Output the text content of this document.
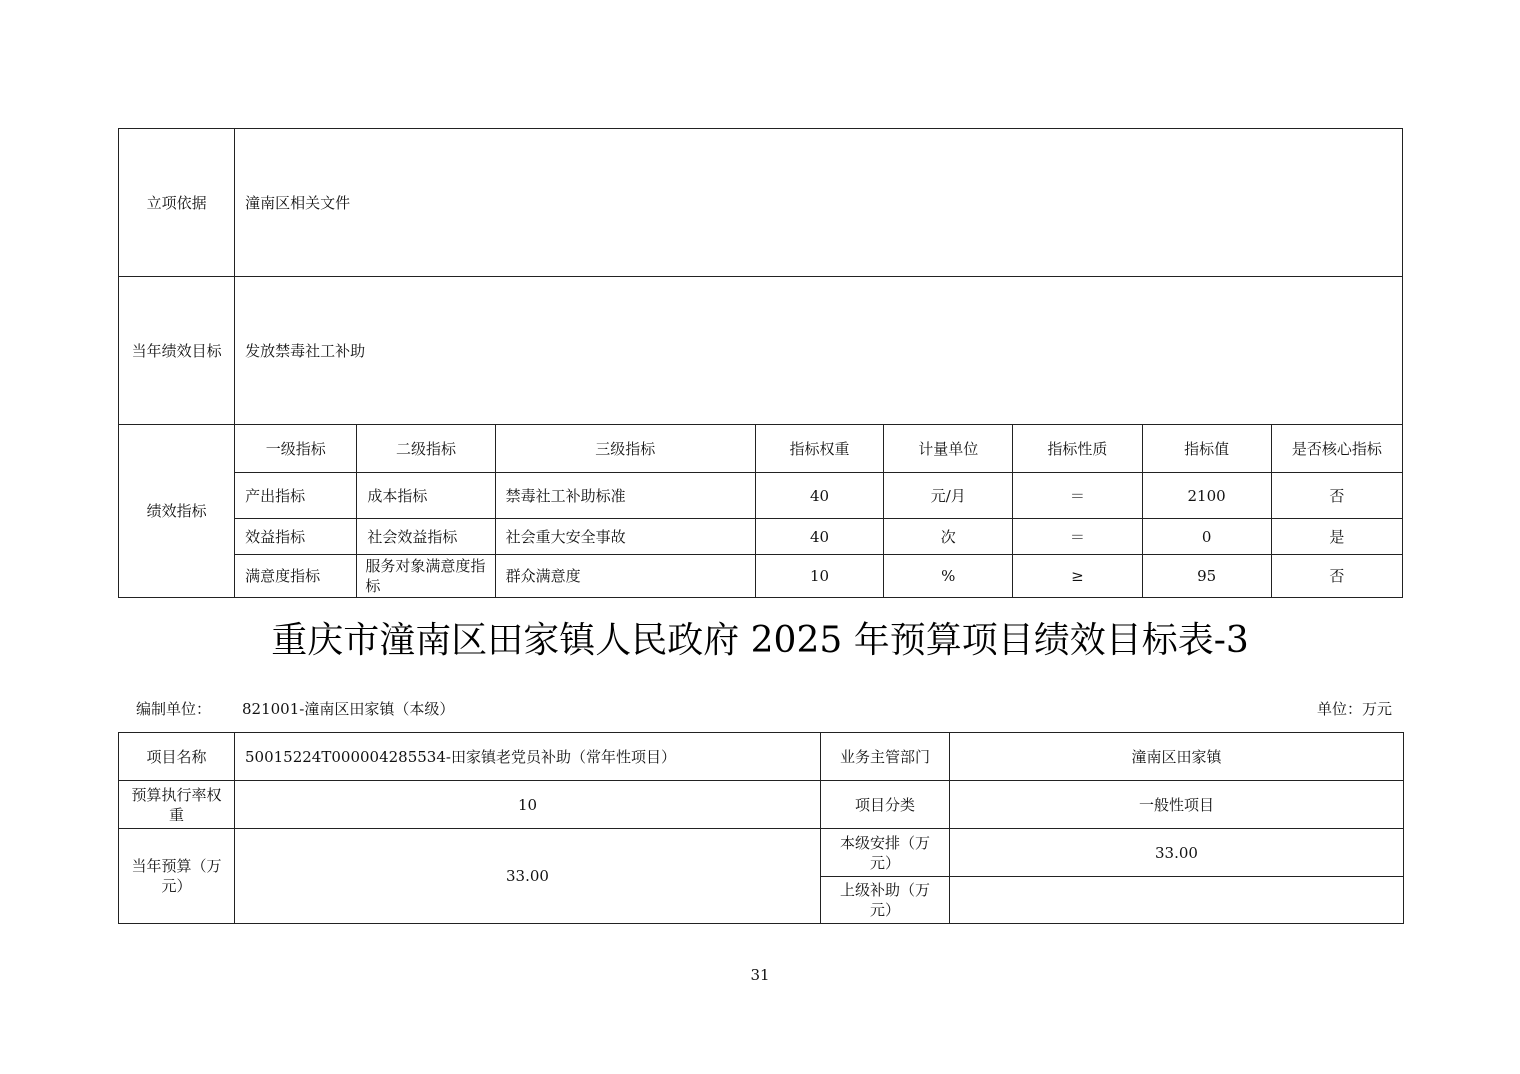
立项依据	潼南区相关文件							
当年绩效目标	发放禁毒社工补助							
绩效指标	一级指标	二级指标	三级指标	指标权重	计量单位	指标性质	指标值	是否核心指标
	产出指标	成本指标	禁毒社工补助标准	40	元/月	＝	2100	否
	效益指标	社会效益指标	社会重大安全事故	40	次	＝	0	是
	满意度指标	服务对象满意度指标	群众满意度	10	%	≥	95	否
重庆市潼南区田家镇人民政府 2025 年预算项目绩效目标表-3
编制单位： 821001-潼南区田家镇（本级）	单位：万元
项目名称	50015224T000004285534-田家镇老党员补助（常年性项目）	业务主管部门	潼南区田家镇
预算执行率权重	10	项目分类	一般性项目
当年预算（万元）	33.00	本级安排（万元）	33.00
		上级补助（万元）	
31
